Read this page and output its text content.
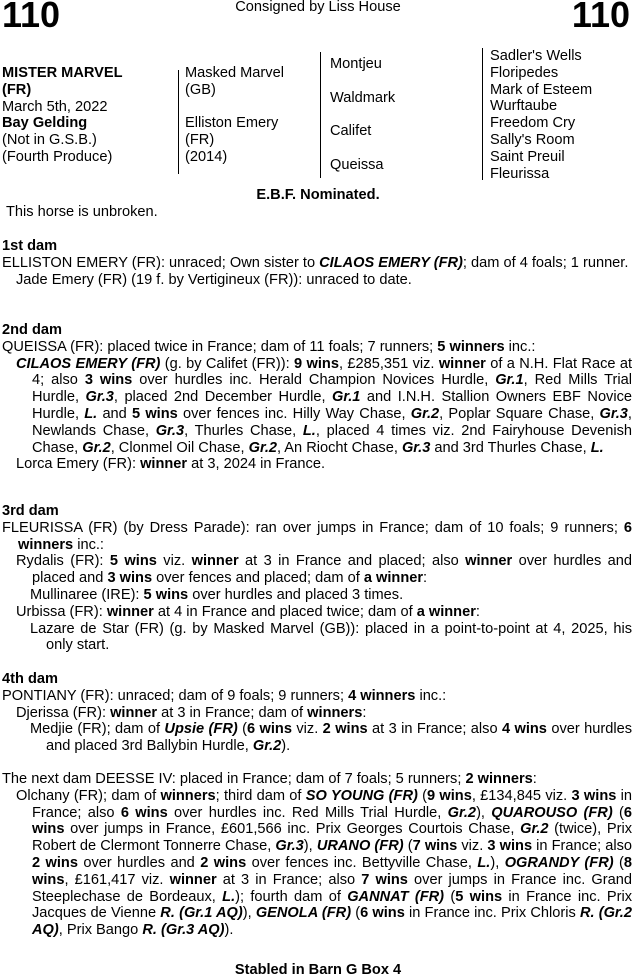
110	Consigned by Liss House	110
MISTER MARVEL
(FR)
March 5th, 2022
Bay Gelding
(Not in G.S.B.)
(Fourth Produce)
Masked Marvel
(GB)
Elliston Emery
(FR)
(2014)
Montjeu
Waldmark
Califet
Queissa
Sadler's Wells
Floripedes
Mark of Esteem
Wurftaube
Freedom Cry
Sally's Room
Saint Preuil
Fleurissa
E.B.F. Nominated.
This horse is unbroken.
1st dam

ELLISTON EMERY (FR): unraced; Own sister to CILAOS EMERY (FR); dam of 4 foals; 1 runner.

Jade Emery (FR) (19 f. by Vertigineux (FR)): unraced to date.

2nd dam

QUEISSA (FR): placed twice in France; dam of 11 foals; 7 runners; 5 winners inc.:

CILAOS EMERY (FR) (g. by Califet (FR)): 9 wins, £285,351 viz. winner of a N.H. Flat Race at 4; also 3 wins over hurdles inc. Herald Champion Novices Hurdle, Gr.1, Red Mills Trial Hurdle, Gr.3, placed 2nd December Hurdle, Gr.1 and I.N.H. Stallion Owners EBF Novice Hurdle, L. and 5 wins over fences inc. Hilly Way Chase, Gr.2, Poplar Square Chase, Gr.3, Newlands Chase, Gr.3, Thurles Chase, L., placed 4 times viz. 2nd Fairyhouse Devenish Chase, Gr.2, Clonmel Oil Chase, Gr.2, An Riocht Chase, Gr.3 and 3rd Thurles Chase, L.

Lorca Emery (FR): winner at 3, 2024 in France.

3rd dam

FLEURISSA (FR) (by Dress Parade): ran over jumps in France; dam of 10 foals; 9 runners; 6 winners inc.:

Rydalis (FR): 5 wins viz. winner at 3 in France and placed; also winner over hurdles and placed and 3 wins over fences and placed; dam of a winner:

Mullinaree (IRE): 5 wins over hurdles and placed 3 times.

Urbissa (FR): winner at 4 in France and placed twice; dam of a winner:

Lazare de Star (FR) (g. by Masked Marvel (GB)): placed in a point-to-point at 4, 2025, his only start.

4th dam

PONTIANY (FR): unraced; dam of 9 foals; 9 runners; 4 winners inc.:

Djerissa (FR): winner at 3 in France; dam of winners:

Medjie (FR); dam of Upsie (FR) (6 wins viz. 2 wins at 3 in France; also 4 wins over hurdles and placed 3rd Ballybin Hurdle, Gr.2).

The next dam DEESSE IV: placed in France; dam of 7 foals; 5 runners; 2 winners:

Olchany (FR); dam of winners; third dam of SO YOUNG (FR) (9 wins, £134,845 viz. 3 wins in France; also 6 wins over hurdles inc. Red Mills Trial Hurdle, Gr.2), QUAROUSO (FR) (6 wins over jumps in France, £601,566 inc. Prix Georges Courtois Chase, Gr.2 (twice), Prix Robert de Clermont Tonnerre Chase, Gr.3), URANO (FR) (7 wins viz. 3 wins in France; also 2 wins over hurdles and 2 wins over fences inc. Bettyville Chase, L.), OGRANDY (FR) (8 wins, £161,417 viz. winner at 3 in France; also 7 wins over jumps in France inc. Grand Steeplechase de Bordeaux, L.); fourth dam of GANNAT (FR) (5 wins in France inc. Prix Jacques de Vienne R. (Gr.1 AQ)), GENOLA (FR) (6 wins in France inc. Prix Chloris R. (Gr.2 AQ), Prix Bango R. (Gr.3 AQ)).

Stabled in Barn G Box 4
